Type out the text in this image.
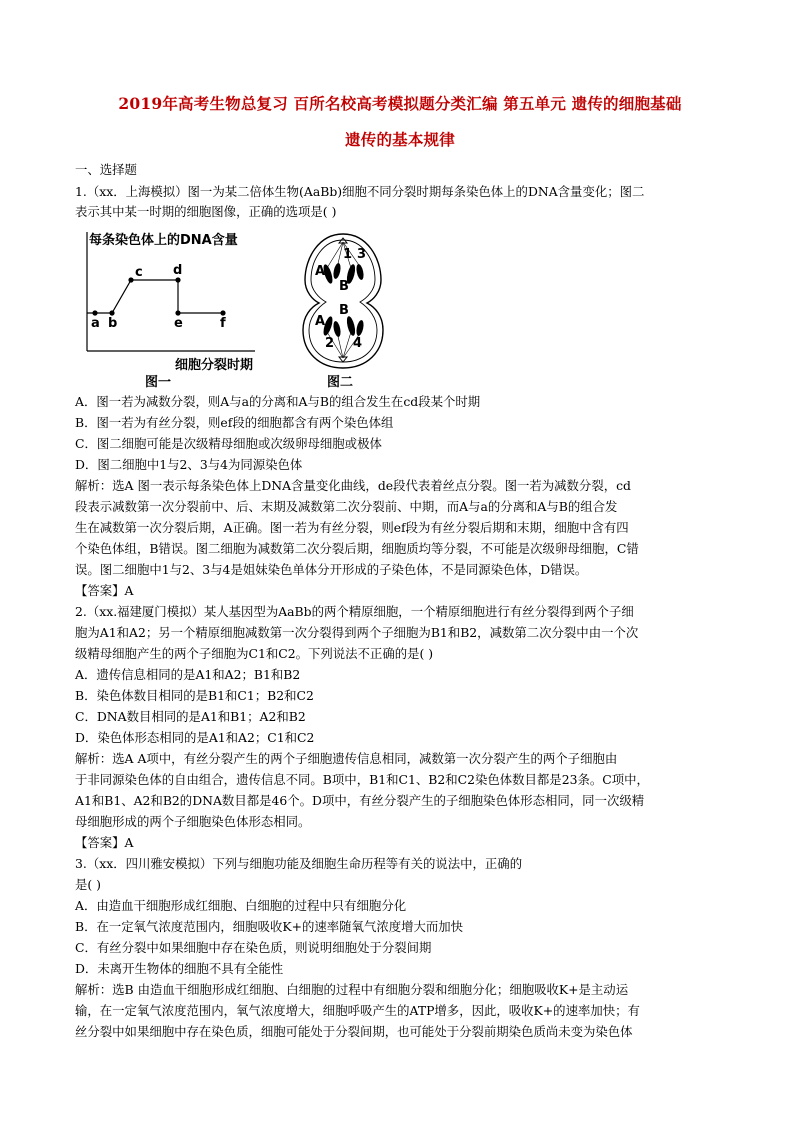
2019年高考生物总复习 百所名校高考模拟题分类汇编 第五单元 遗传的细胞基础
遗传的基本规律
一、选择题
1.（xx．上海模拟）图一为某二倍体生物(AaBb)细胞不同分裂时期每条染色体上的DNA含量变化；图二
表示其中某一时期的细胞图像，正确的选项是( )
每条染色体上的DNA含量
a b
c d
e	f
细胞分裂时期
图一
A
B
A
B
1 3
2 4
图二
A．图一若为减数分裂，则A与a的分离和A与B的组合发生在cd段某个时期
B．图一若为有丝分裂，则ef段的细胞都含有两个染色体组
C．图二细胞可能是次级精母细胞或次级卵母细胞或极体
D．图二细胞中1与2、3与4为同源染色体
解析：选A 图一表示每条染色体上DNA含量变化曲线，de段代表着丝点分裂。图一若为减数分裂，cd
段表示减数第一次分裂前中、后、末期及减数第二次分裂前、中期，而A与a的分离和A与B的组合发
生在减数第一次分裂后期，A正确。图一若为有丝分裂，则ef段为有丝分裂后期和末期，细胞中含有四
个染色体组，B错误。图二细胞为减数第二次分裂后期，细胞质均等分裂，不可能是次级卵母细胞，C错
误。图二细胞中1与2、3与4是姐妹染色单体分开形成的子染色体，不是同源染色体，D错误。
【答案】A
2.（xx.福建厦门模拟）某人基因型为AaBb的两个精原细胞，一个精原细胞进行有丝分裂得到两个子细
胞为A1和A2；另一个精原细胞减数第一次分裂得到两个子细胞为B1和B2，减数第二次分裂中由一个次
级精母细胞产生的两个子细胞为C1和C2。下列说法不正确的是( )
A．遗传信息相同的是A1和A2；B1和B2
B．染色体数目相同的是B1和C1；B2和C2
C．DNA数目相同的是A1和B1；A2和B2
D．染色体形态相同的是A1和A2；C1和C2
解析：选A A项中，有丝分裂产生的两个子细胞遗传信息相同，减数第一次分裂产生的两个子细胞由
于非同源染色体的自由组合，遗传信息不同。B项中，B1和C1、B2和C2染色体数目都是23条。C项中，
A1和B1、A2和B2的DNA数目都是46个。D项中，有丝分裂产生的子细胞染色体形态相同，同一次级精
母细胞形成的两个子细胞染色体形态相同。
【答案】A
3.（xx．四川雅安模拟）下列与细胞功能及细胞生命历程等有关的说法中，正确的
是( )
A．由造血干细胞形成红细胞、白细胞的过程中只有细胞分化
B．在一定氧气浓度范围内，细胞吸收K+的速率随氧气浓度增大而加快
C．有丝分裂中如果细胞中存在染色质，则说明细胞处于分裂间期
D．未离开生物体的细胞不具有全能性
解析：选B 由造血干细胞形成红细胞、白细胞的过程中有细胞分裂和细胞分化；细胞吸收K+是主动运
输，在一定氧气浓度范围内，氧气浓度增大，细胞呼吸产生的ATP增多，因此，吸收K+的速率加快；有
丝分裂中如果细胞中存在染色质，细胞可能处于分裂间期，也可能处于分裂前期染色质尚未变为染色体
